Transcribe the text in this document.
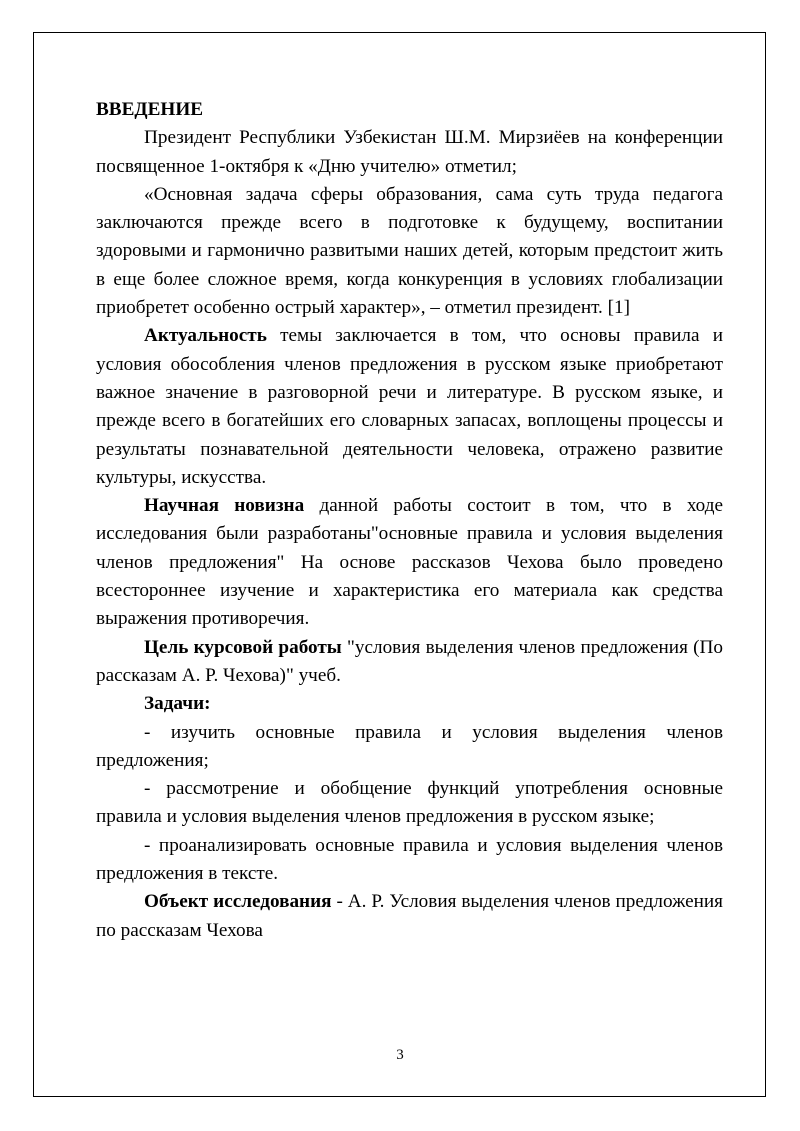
ВВЕДЕНИЕ

Президент Республики Узбекистан Ш.М. Мирзиёев на конференции посвященное 1-октября к «Дню учителю» отметил;

«Основная задача сферы образования, сама суть труда педагога заключаются прежде всего в подготовке к будущему, воспитании здоровыми и гармонично развитыми наших детей, которым предстоит жить в еще более сложное время, когда конкуренция в условиях глобализации приобретет особенно острый характер», – отметил президент. [1]

Актуальность темы заключается в том, что основы правила и условия обособления членов предложения в русском языке приобретают важное значение в разговорной речи и литературе. В русском языке, и прежде всего в богатейших его словарных запасах, воплощены процессы и результаты познавательной деятельности человека, отражено развитие культуры, искусства.

Научная новизна данной работы состоит в том, что в ходе исследования были разработаны"основные правила и условия выделения членов предложения" На основе рассказов Чехова было проведено всестороннее изучение и характеристика его материала как средства выражения противоречия.

Цель курсовой работы "условия выделения членов предложения (По рассказам А. Р. Чехова)" учеб.

Задачи:

- изучить основные правила и условия выделения членов предложения;

- рассмотрение и обобщение функций употребления основные правила и условия выделения членов предложения в русском языке;

- проанализировать основные правила и условия выделения членов предложения в тексте.

Объект исследования - А. Р. Условия выделения членов предложения по рассказам Чехова

3
